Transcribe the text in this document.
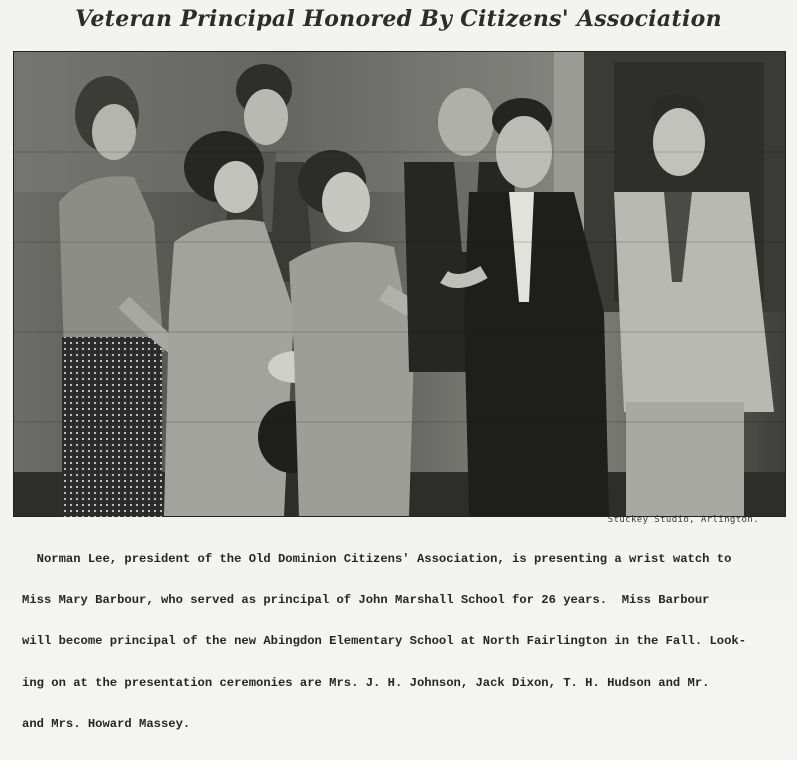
Veteran Principal Honored By Citizens' Association
Stuckey Studio, Arlington.

Norman Lee, president of the Old Dominion Citizens' Association, is presenting a wrist watch to

Miss Mary Barbour, who served as principal of John Marshall School for 26 years.  Miss Barbour

will become principal of the new Abingdon Elementary School at North Fairlington in the Fall. Look-

ing on at the presentation ceremonies are Mrs. J. H. Johnson, Jack Dixon, T. H. Hudson and Mr.

and Mrs. Howard Massey.
